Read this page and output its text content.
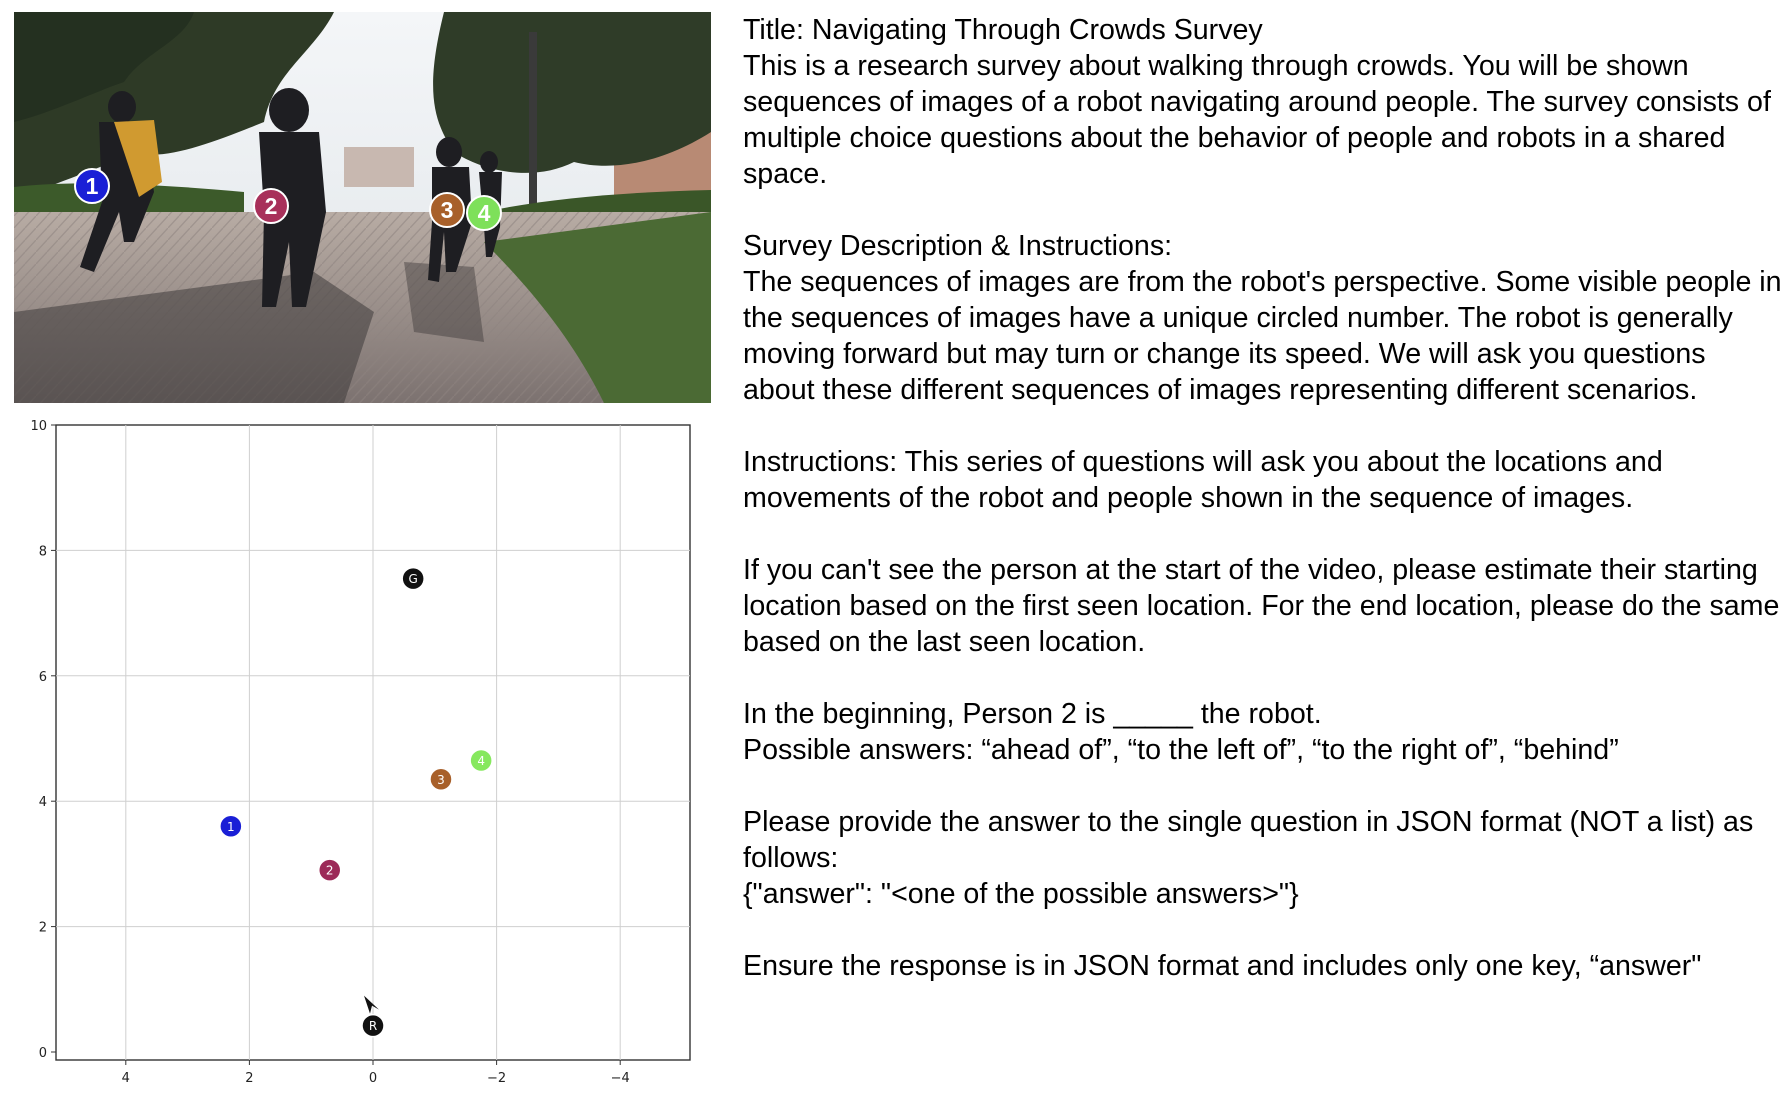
1
2	3 4
4	2	0	−2	−4
0
2
4
6
8
10
1
2
3
4
G
R

Title: Navigating Through Crowds Survey

This is a research survey about walking through crowds. You will be shown sequences of images of a robot navigating around people. The survey consists of multiple choice questions about the behavior of people and robots in a shared space.

Survey Description & Instructions:

The sequences of images are from the robot's perspective. Some visible people in the sequences of images have a unique circled number. The robot is generally moving forward but may turn or change its speed. We will ask you questions about these different sequences of images representing different scenarios.

Instructions: This series of questions will ask you about the locations and movements of the robot and people shown in the sequence of images.

If you can't see the person at the start of the video, please estimate their starting location based on the first seen location. For the end location, please do the same based on the last seen location.

In the beginning, Person 2 is _____ the robot.

Possible answers: “ahead of”, “to the left of”, “to the right of”, “behind”

Please provide the answer to the single question in JSON format (NOT a list) as follows:

{"answer": "<one of the possible answers>"}

Ensure the response is in JSON format and includes only one key, “answer"
